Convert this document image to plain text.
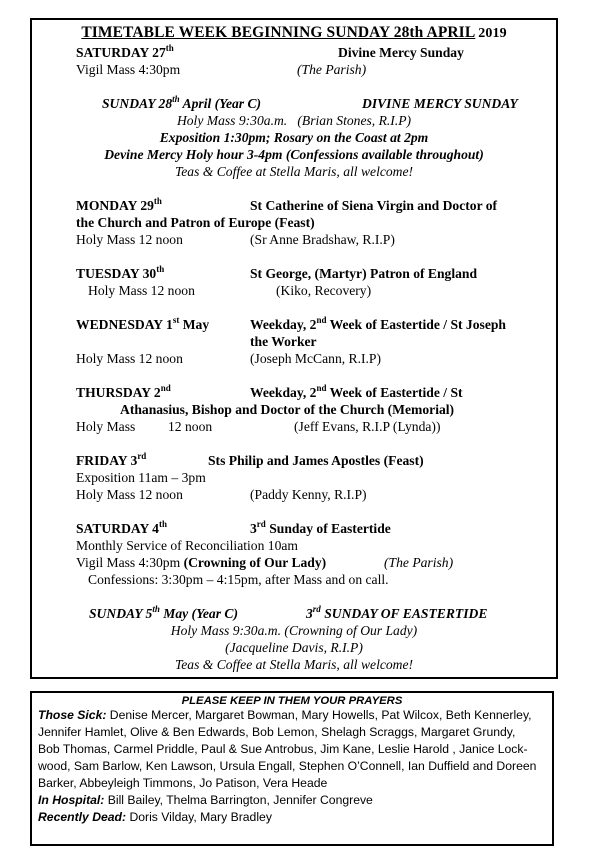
TIMETABLE WEEK BEGINNING SUNDAY 28th APRIL 2019
SATURDAY 27th	Divine Mercy Sunday
Vigil Mass 4:30pm	(The Parish)
SUNDAY 28th April (Year C)	DIVINE MERCY SUNDAY
Holy Mass 9:30a.m. (Brian Stones, R.I.P)
Exposition 1:30pm; Rosary on the Coast at 2pm
Devine Mercy Holy hour 3-4pm (Confessions available throughout)
Teas & Coffee at Stella Maris, all welcome!
MONDAY 29th	St Catherine of Siena Virgin and Doctor of
the Church and Patron of Europe (Feast)
Holy Mass 12 noon	(Sr Anne Bradshaw, R.I.P)
TUESDAY 30th	St George, (Martyr) Patron of England
Holy Mass 12 noon	(Kiko, Recovery)
WEDNESDAY 1st May	Weekday, 2nd Week of Eastertide / St Joseph
the Worker
Holy Mass 12 noon	(Joseph McCann, R.I.P)
THURSDAY 2nd	Weekday, 2nd Week of Eastertide / St
Athanasius, Bishop and Doctor of the Church (Memorial)
Holy Mass 12 noon	(Jeff Evans, R.I.P (Lynda))
FRIDAY 3rd	Sts Philip and James Apostles (Feast)
Exposition 11am – 3pm
Holy Mass 12 noon	(Paddy Kenny, R.I.P)
SATURDAY 4th	3rd Sunday of Eastertide
Monthly Service of Reconciliation 10am
Vigil Mass 4:30pm (Crowning of Our Lady)	(The Parish)
Confessions: 3:30pm – 4:15pm, after Mass and on call.
SUNDAY 5th May (Year C)	3rd SUNDAY OF EASTERTIDE
Holy Mass 9:30a.m. (Crowning of Our Lady)
(Jacqueline Davis, R.I.P)
Teas & Coffee at Stella Maris, all welcome!
PLEASE KEEP IN THEM YOUR PRAYERS
Those Sick: Denise Mercer, Margaret Bowman, Mary Howells, Pat Wilcox, Beth Kennerley,
Jennifer Hamlet, Olive & Ben Edwards, Bob Lemon, Shelagh Scraggs, Margaret Grundy,
Bob Thomas, Carmel Priddle, Paul & Sue Antrobus, Jim Kane, Leslie Harold , Janice Lock-
wood, Sam Barlow, Ken Lawson, Ursula Engall, Stephen O’Connell, Ian Duffield and Doreen
Barker, Abbeyleigh Timmons, Jo Patison, Vera Heade
In Hospital: Bill Bailey, Thelma Barrington, Jennifer Congreve
Recently Dead: Doris Vilday, Mary Bradley
